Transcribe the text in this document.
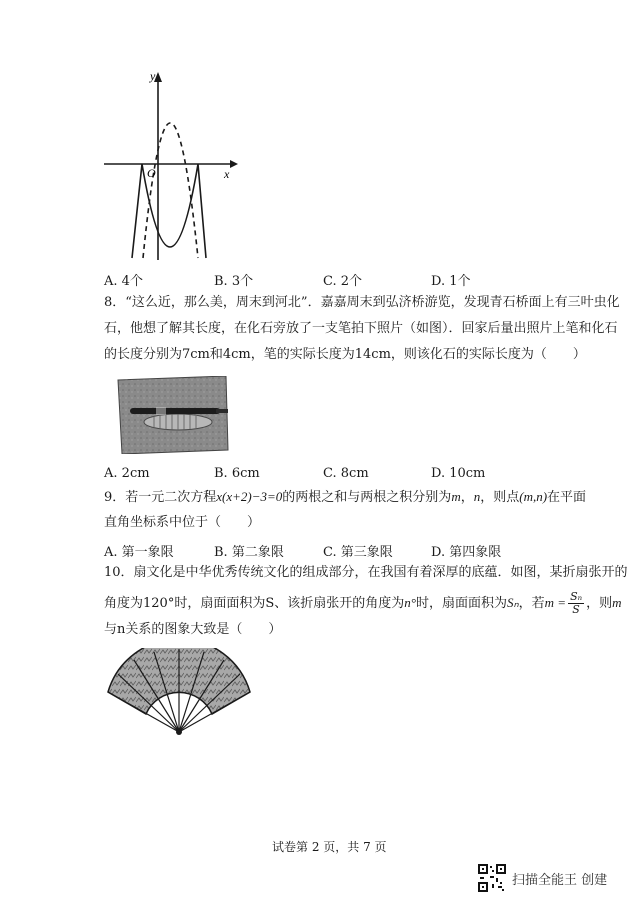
y
x
O
A. 4个	B. 3个	C. 2个	D. 1个
8．“这么近，那么美，周末到河北”．嘉嘉周末到弘济桥游览，发现青石桥面上有三叶虫化
石，他想了解其长度，在化石旁放了一支笔拍下照片（如图）．回家后量出照片上笔和化石
的长度分别为7cm和4cm，笔的实际长度为14cm，则该化石的实际长度为（　　）
A. 2cm	B. 6cm	C. 8cm	D. 10cm
9．若一元二次方程x(x+2)−3=0的两根之和与两根之积分别为m，n，则点(m,n)在平面
直角坐标系中位于（　　）
A. 第一象限	B. 第二象限	C. 第三象限	D. 第四象限
10．扇文化是中华优秀传统文化的组成部分，在我国有着深厚的底蕴．如图，某折扇张开的
角度为120°时，扇面面积为S、该折扇张开的角度为n°时，扇面面积为Sₙ，若$m = \frac{\text{Sₙ}}{S}$ ，则m
与n关系的图象大致是（　　）
试卷第 2 页，共 7 页
扫描全能王 创建
